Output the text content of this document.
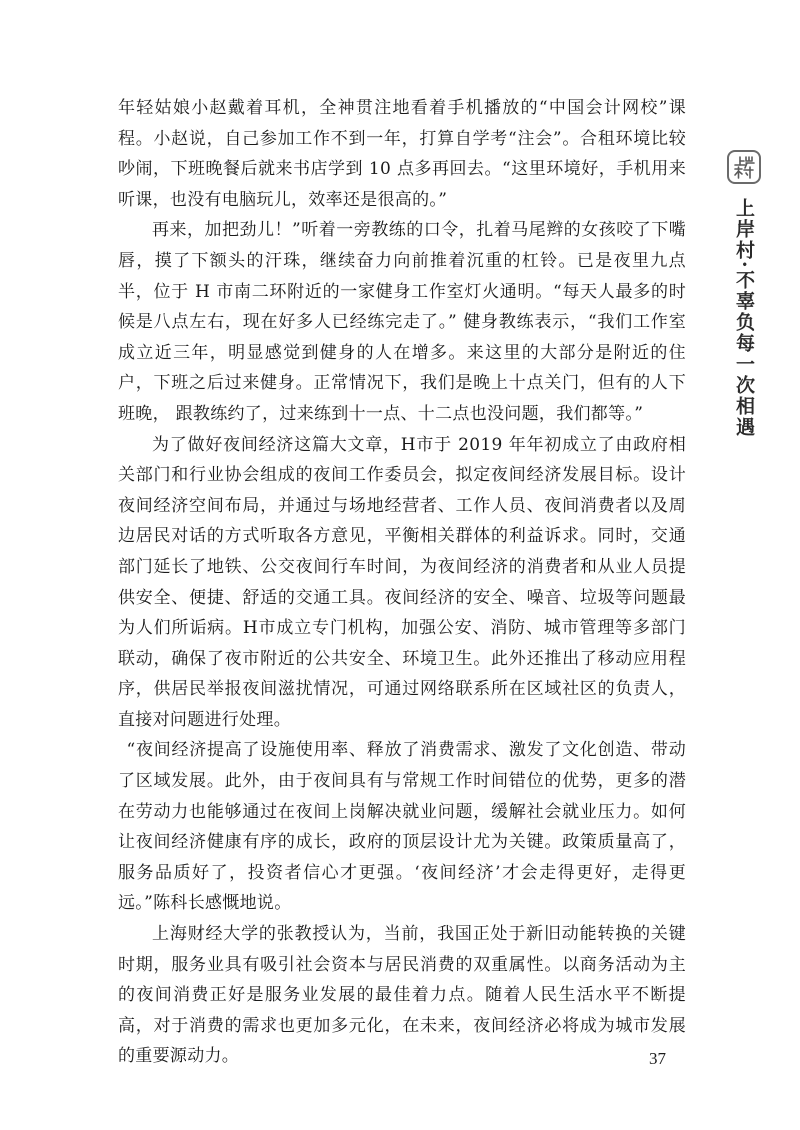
年轻姑娘小赵戴着耳机，全神贯注地看着手机播放的“中国会计网校”课程。小赵说，自己参加工作不到一年，打算自学考“注会”。合租环境比较吵闹，下班晚餐后就来书店学到 10 点多再回去。“这里环境好，手机用来听课，也没有电脑玩儿，效率还是很高的。”

再来，加把劲儿！”听着一旁教练的口令，扎着马尾辫的女孩咬了下嘴唇，摸了下额头的汗珠，继续奋力向前推着沉重的杠铃。已是夜里九点半，位于 H 市南二环附近的一家健身工作室灯火通明。“每天人最多的时候是八点左右，现在好多人已经练完走了。” 健身教练表示，“我们工作室成立近三年，明显感觉到健身的人在增多。来这里的大部分是附近的住户，下班之后过来健身。正常情况下，我们是晚上十点关门，但有的人下班晚， 跟教练约了，过来练到十一点、十二点也没问题，我们都等。”

为了做好夜间经济这篇大文章，H市于 2019 年年初成立了由政府相关部门和行业协会组成的夜间工作委员会，拟定夜间经济发展目标。设计夜间经济空间布局，并通过与场地经营者、工作人员、夜间消费者以及周边居民对话的方式听取各方意见，平衡相关群体的利益诉求。同时，交通部门延长了地铁、公交夜间行车时间，为夜间经济的消费者和从业人员提供安全、便捷、舒适的交通工具。夜间经济的安全、噪音、垃圾等问题最为人们所诟病。H市成立专门机构，加强公安、消防、城市管理等多部门联动，确保了夜市附近的公共安全、环境卫生。此外还推出了移动应用程序，供居民举报夜间滋扰情况，可通过网络联系所在区域社区的负责人，直接对问题进行处理。

“夜间经济提高了设施使用率、释放了消费需求、激发了文化创造、带动了区域发展。此外，由于夜间具有与常规工作时间错位的优势，更多的潜在劳动力也能够通过在夜间上岗解决就业问题，缓解社会就业压力。如何让夜间经济健康有序的成长，政府的顶层设计尤为关键。政策质量高了，服务品质好了，投资者信心才更强。‘夜间经济’才会走得更好，走得更远。”陈科长感慨地说。

上海财经大学的张教授认为，当前，我国正处于新旧动能转换的关键时期，服务业具有吸引社会资本与居民消费的双重属性。以商务活动为主的夜间消费正好是服务业发展的最佳着力点。随着人民生活水平不断提高，对于消费的需求也更加多元化，在未来，夜间经济必将成为城市发展的重要源动力。

上岸村·不辜负每一次相遇
37
